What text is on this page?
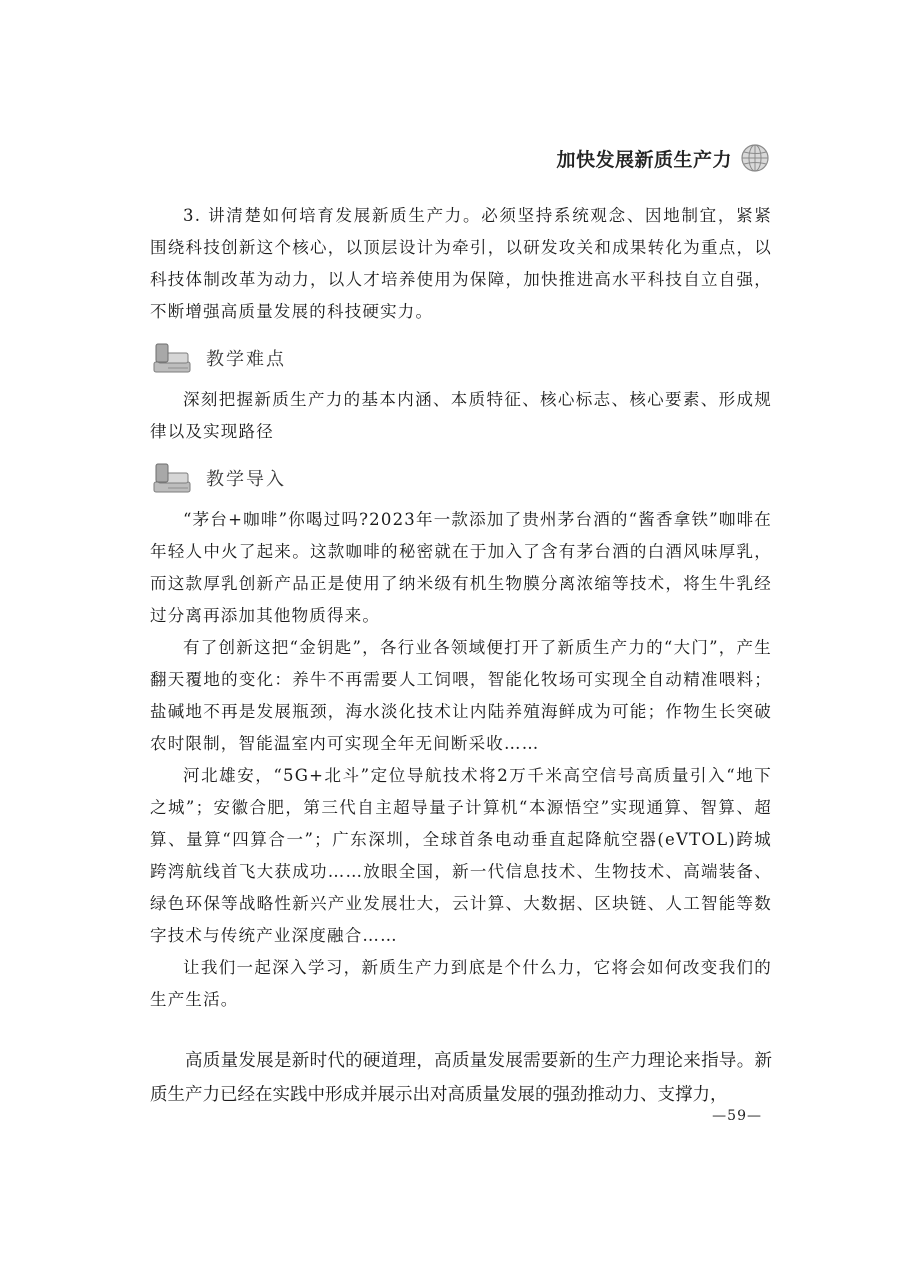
加快发展新质生产力

3. 讲清楚如何培育发展新质生产力。必须坚持系统观念、因地制宜，紧紧围绕科技创新这个核心，以顶层设计为牵引，以研发攻关和成果转化为重点，以科技体制改革为动力，以人才培养使用为保障，加快推进高水平科技自立自强，不断增强高质量发展的科技硬实力。

教学难点

深刻把握新质生产力的基本内涵、本质特征、核心标志、核心要素、形成规律以及实现路径

教学导入

“茅台+咖啡”你喝过吗?2023年一款添加了贵州茅台酒的“酱香拿铁”咖啡在年轻人中火了起来。这款咖啡的秘密就在于加入了含有茅台酒的白酒风味厚乳，而这款厚乳创新产品正是使用了纳米级有机生物膜分离浓缩等技术，将生牛乳经过分离再添加其他物质得来。

有了创新这把“金钥匙”，各行业各领域便打开了新质生产力的“大门”，产生翻天覆地的变化：养牛不再需要人工饲喂，智能化牧场可实现全自动精准喂料；盐碱地不再是发展瓶颈，海水淡化技术让内陆养殖海鲜成为可能；作物生长突破农时限制，智能温室内可实现全年无间断采收……

河北雄安，“5G+北斗”定位导航技术将2万千米高空信号高质量引入“地下之城”；安徽合肥，第三代自主超导量子计算机“本源悟空”实现通算、智算、超算、量算“四算合一”；广东深圳，全球首条电动垂直起降航空器(eVTOL)跨城跨湾航线首飞大获成功……放眼全国，新一代信息技术、生物技术、高端装备、绿色环保等战略性新兴产业发展壮大，云计算、大数据、区块链、人工智能等数字技术与传统产业深度融合……

让我们一起深入学习，新质生产力到底是个什么力，它将会如何改变我们的生产生活。

高质量发展是新时代的硬道理，高质量发展需要新的生产力理论来指导。新质生产力已经在实践中形成并展示出对高质量发展的强劲推动力、支撑力，

—59—
